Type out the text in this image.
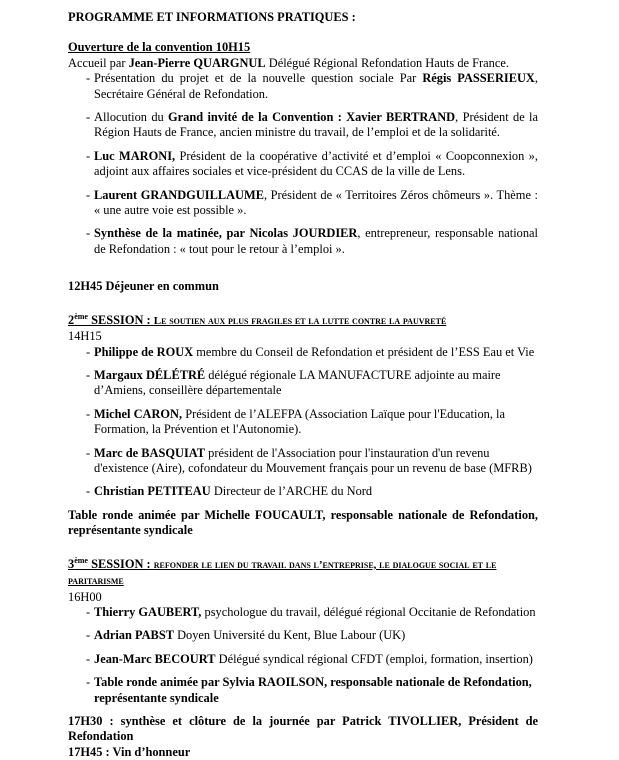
PROGRAMME ET INFORMATIONS PRATIQUES :

Ouverture de la convention 10H15

Accueil par Jean-Pierre QUARGNUL Délégué Régional Refondation Hauts de France.

- Présentation du projet et de la nouvelle question sociale Par Régis PASSERIEUX, Secrétaire Général de Refondation.
- Allocution du Grand invité de la Convention : Xavier BERTRAND, Président de la Région Hauts de France, ancien ministre du travail, de l’emploi et de la solidarité.
- Luc MARONI, Président de la coopérative d’activité et d’emploi « Coopconnexion », adjoint aux affaires sociales et vice-président du CCAS de la ville de Lens.
- Laurent GRANDGUILLAUME, Président de « Territoires Zéros chômeurs ». Thème : « une autre voie est possible ».
- Synthèse de la matinée, par Nicolas JOURDIER, entrepreneur, responsable national de Refondation : « tout pour le retour à l’emploi ».

12H45 Déjeuner en commun

2ème SESSION : Le soutien aux plus fragiles et la lutte contre la pauvreté

14H15

- Philippe de ROUX membre du Conseil de Refondation et président de l’ESS Eau et Vie
- Margaux DÉLÉTRÉ délégué régionale LA MANUFACTURE adjointe au maire d’Amiens, conseillère départementale
- Michel CARON, Président de l’ALEFPA (Association Laïque pour l'Education, la Formation, la Prévention et l'Autonomie).
- Marc de BASQUIAT président de l'Association pour l'instauration d'un revenu d'existence (Aire), cofondateur du Mouvement français pour un revenu de base (MFRB)
- Christian PETITEAU Directeur de l’ARCHE du Nord

Table ronde animée par Michelle FOUCAULT, responsable nationale de Refondation, représentante syndicale

3ème SESSION : refonder le lien du travail dans l’entreprise, le dialogue social et le paritarisme

16H00

- Thierry GAUBERT, psychologue du travail, délégué régional Occitanie de Refondation
- Adrian PABST Doyen Université du Kent, Blue Labour (UK)
- Jean-Marc BECOURT Délégué syndical régional CFDT (emploi, formation, insertion)
- Table ronde animée par Sylvia RAOILSON, responsable nationale de Refondation, représentante syndicale

17H30 : synthèse et clôture de la journée par Patrick TIVOLLIER, Président de Refondation

17H45 : Vin d’honneur
